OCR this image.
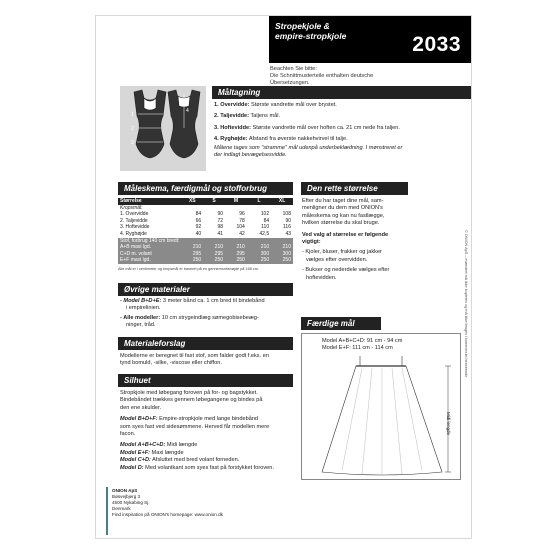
Stropekjole &
empire-stropkjole	2033
Beachten Sie bitte:
Die Schnittmusterteile enthalten deutsche
Übersetzungen.
1
2
3
4
Måltagning
1. Overvidde: Største vandrette mål over brystet.
2. Taljevidde: Taljens mål.
3. Hoftevidde: Største vandrette mål over hoften ca. 21 cm nede fra taljen.
4. Ryghøjde: Afstand fra øverste nakkehvirvel til talje.
Målene tages som "stramme" mål udenpå underbeklædning. I mønstreret er
der indlagt bevægelsesvidde.
Måleskema, færdigmål og stofforbrug
Størrelse	XS	S	M	L	XL
Kropsmål:					
1. Overvidde	84	90	96	102	108
2. Taljevidde	66	72	78	84	90
3. Hoftevidde	92	98	104	110	116
4. Ryghøjde	40	41	42	42,5	43
Stof, forbrug 140 cm bredt:					
A+B maxi lgd.	210	210	210	210	210
C+D m. volant	295	295	295	300	300
E+F maxi lgd.	250	250	250	250	250
Alle mål er i centimeter og kropsmål er baseret på en gennemsnitshøjde på 168 cm.
Øvrige materialer
- Model B+D+E: 3 meter bånd ca. 1 cm bred til bindebånd
i empirelinien.
- Alle modeller: 10 cm strygeindlæg sømegobisebeæg-
ninger, tråd.
Materialeforslag
Modellerne er beregnet til fast stof, som falder godt f.eks. en
tynd bomuld, -silke, -viscose eller chiffon.
Silhuet
Stropkjole med løbegang foroven på for- og bagstykket.
Bindebåndet trækkes gennem løbegangene og bindes på
den ene skulder.
Model B+D+F: Empire-stropkjole med lange bindebånd
som syes fast ved sidesømmene. Herved får modellen mere
facon.
Model A+B+C+D: Midi længde
Model E+F: Maxi længde
Model C+D: Afsluttet med bred volant forneden.
Model D: Med volantkant som syes fast på forstykket foroven.
Den rette størrelse
Efter du har taget dine mål, sam-
menligner du dem med ONION's
måleskema og kan nu fastlægge,
hvilken størrelse du skal bruge.
Ved valg af størrelse er følgende
vigtigt:
- Kjoler, bluser, frakker og jakker
vælges efter overvidden.
- Bukser og nederdele vælges efter
hoftevidden.
Færdige mål
Model A+B+C+D: 91 cm - 94 cm
Model E+F: 111 cm - 114 cm
Midi lengde
ONION ApS
Bøsvejbjerg 3
4500 Nykøbing Sj.
Denmark
Find inspiration på ONION's homepage: www.onion.dk
© ONION ApS – mønstret må ikke kopieres og må ikke bruges i kommerciel henseende
